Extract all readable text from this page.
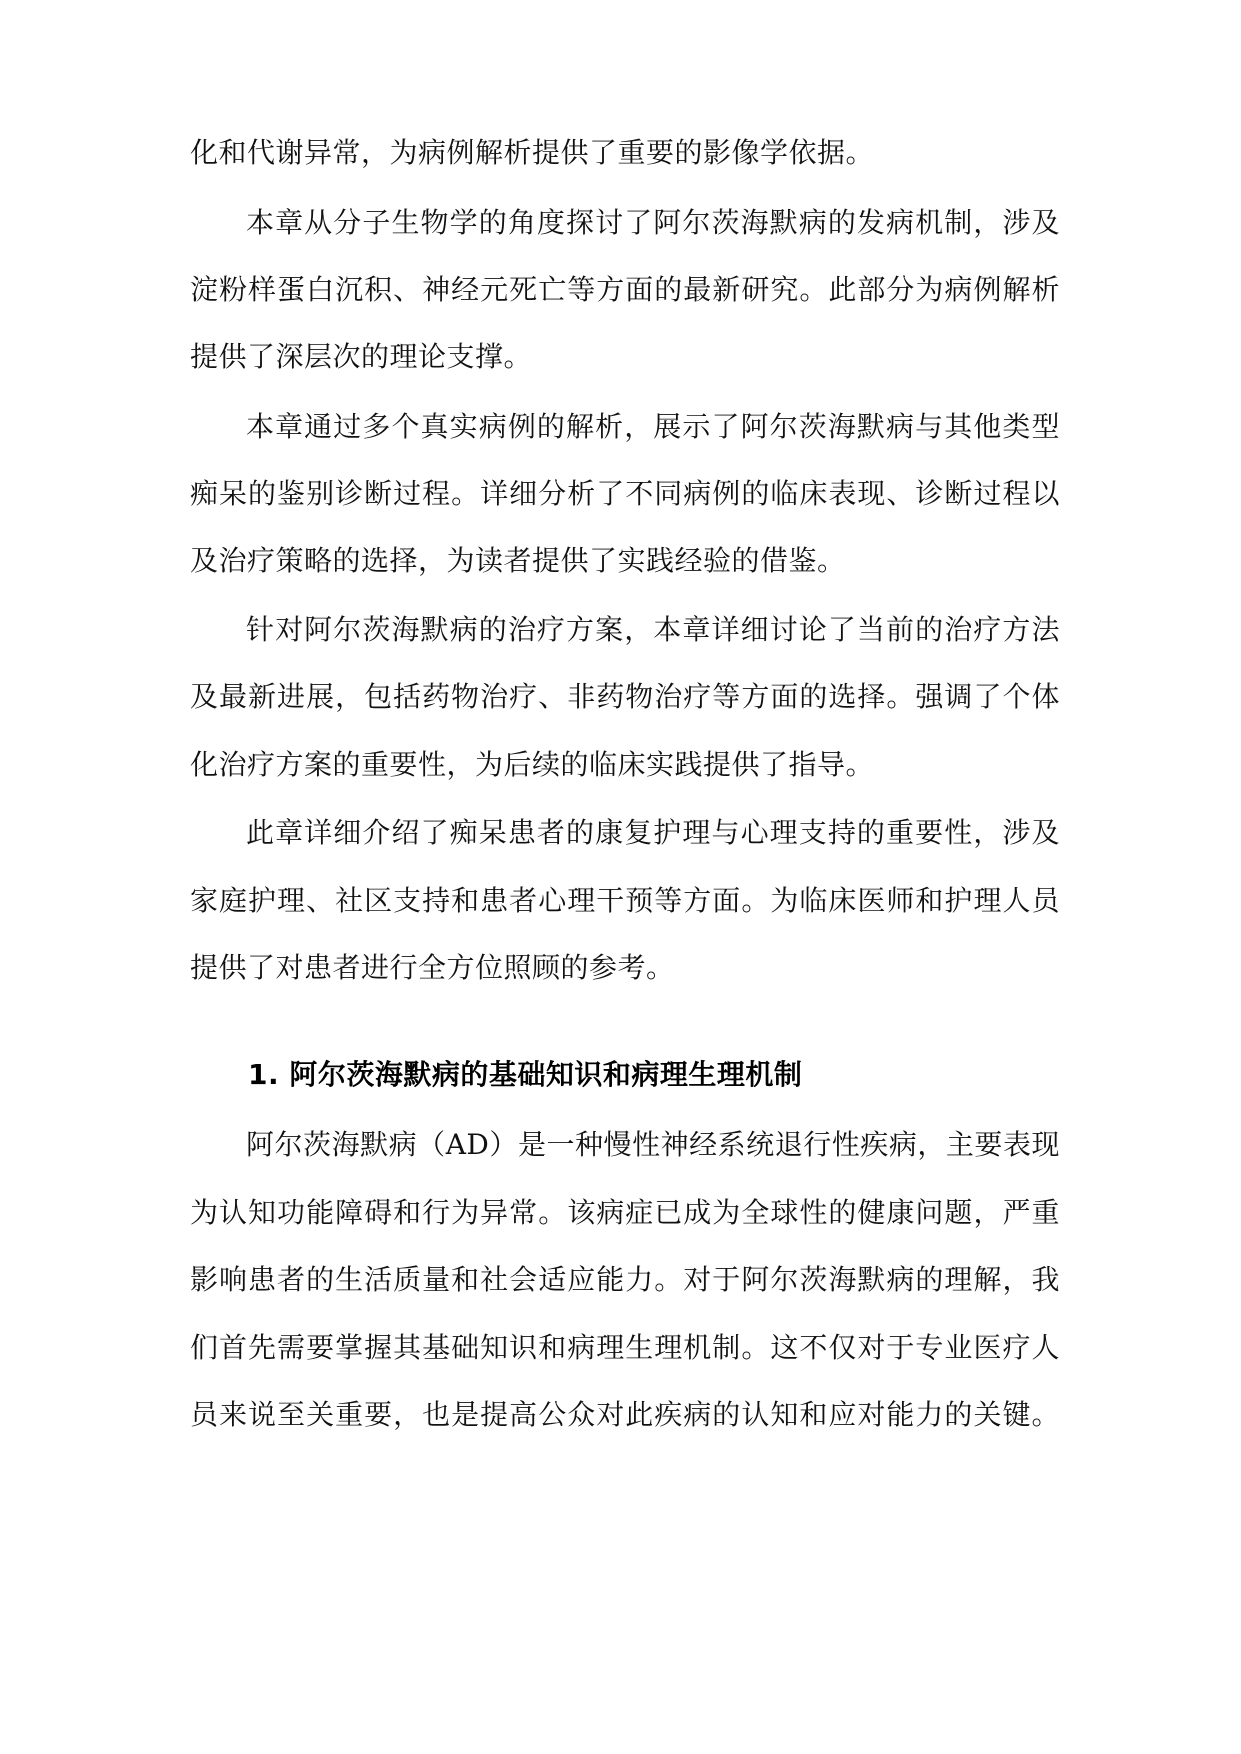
化和代谢异常，为病例解析提供了重要的影像学依据。
本章从分子生物学的角度探讨了阿尔茨海默病的发病机制，涉及
淀粉样蛋白沉积、神经元死亡等方面的最新研究。此部分为病例解析
提供了深层次的理论支撑。
本章通过多个真实病例的解析，展示了阿尔茨海默病与其他类型
痴呆的鉴别诊断过程。详细分析了不同病例的临床表现、诊断过程以
及治疗策略的选择，为读者提供了实践经验的借鉴。
针对阿尔茨海默病的治疗方案，本章详细讨论了当前的治疗方法
及最新进展，包括药物治疗、非药物治疗等方面的选择。强调了个体
化治疗方案的重要性，为后续的临床实践提供了指导。
此章详细介绍了痴呆患者的康复护理与心理支持的重要性，涉及
家庭护理、社区支持和患者心理干预等方面。为临床医师和护理人员
提供了对患者进行全方位照顾的参考。
1. 阿尔茨海默病的基础知识和病理生理机制
阿尔茨海默病（AD）是一种慢性神经系统退行性疾病，主要表现
为认知功能障碍和行为异常。该病症已成为全球性的健康问题，严重
影响患者的生活质量和社会适应能力。对于阿尔茨海默病的理解，我
们首先需要掌握其基础知识和病理生理机制。这不仅对于专业医疗人
员来说至关重要，也是提高公众对此疾病的认知和应对能力的关键。
